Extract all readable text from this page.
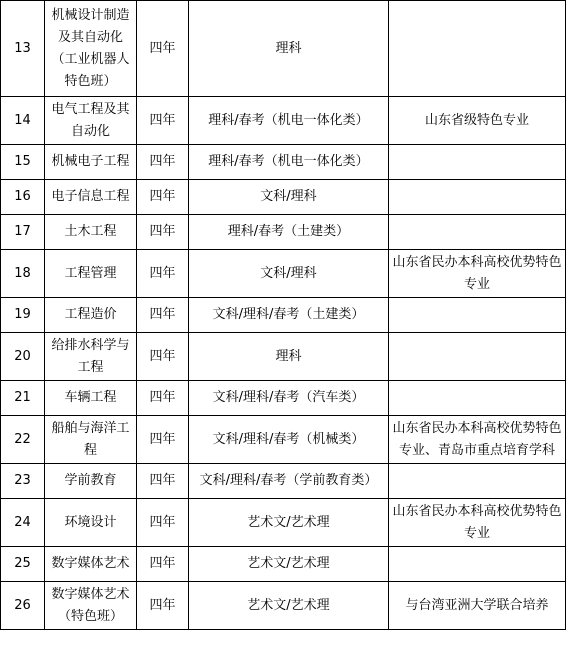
13	机械设计制造及其自动化（工业机器人特色班）	四年	理科	
14	电气工程及其自动化	四年	理科/春考（机电一体化类）	山东省级特色专业
15	机械电子工程	四年	理科/春考（机电一体化类）	
16	电子信息工程	四年	文科/理科	
17	土木工程	四年	理科/春考（土建类）	
18	工程管理	四年	文科/理科	山东省民办本科高校优势特色专业
19	工程造价	四年	文科/理科/春考（土建类）	
20	给排水科学与工程	四年	理科	
21	车辆工程	四年	文科/理科/春考（汽车类）	
22	船舶与海洋工程	四年	文科/理科/春考（机械类）	山东省民办本科高校优势特色专业、青岛市重点培育学科
23	学前教育	四年	文科/理科/春考（学前教育类）	
24	环境设计	四年	艺术文/艺术理	山东省民办本科高校优势特色专业
25	数字媒体艺术	四年	艺术文/艺术理	
26	数字媒体艺术（特色班）	四年	艺术文/艺术理	与台湾亚洲大学联合培养
